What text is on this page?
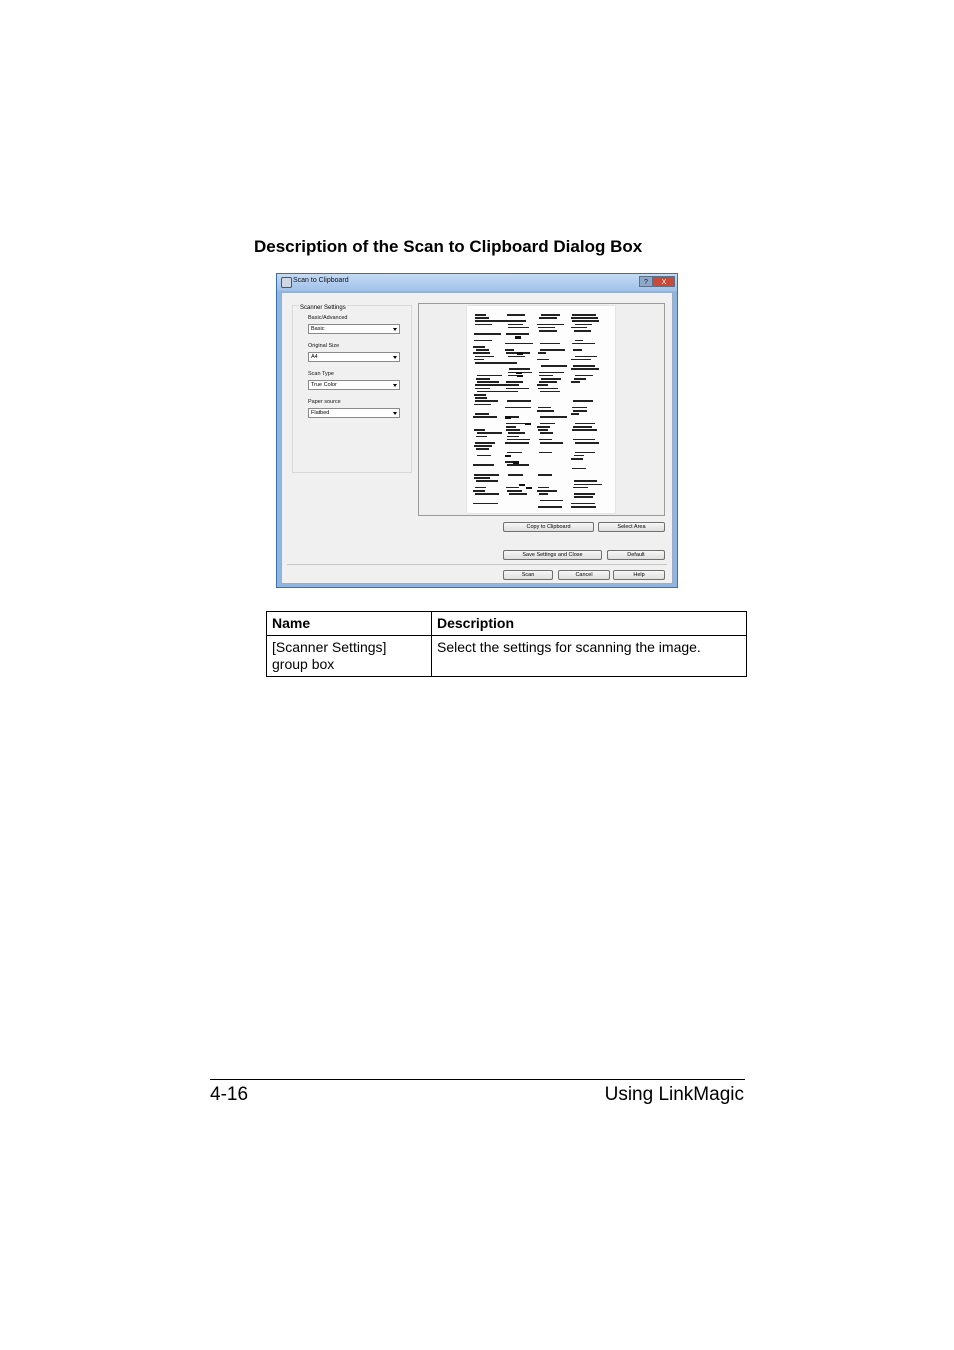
Description of the Scan to Clipboard Dialog Box
Scan to Clipboard	?	X
Scanner Settings
Basic/Advanced
Basic
Original Size
A4
Scan Type
True Color
Paper source
Flatbed
Copy to Clipboard	Select Area
Save Settings and Close	Default
Scan	Cancel	Help
Name	Description
[Scanner Settings] group box	Select the settings for scanning the image.
4-16	Using LinkMagic
